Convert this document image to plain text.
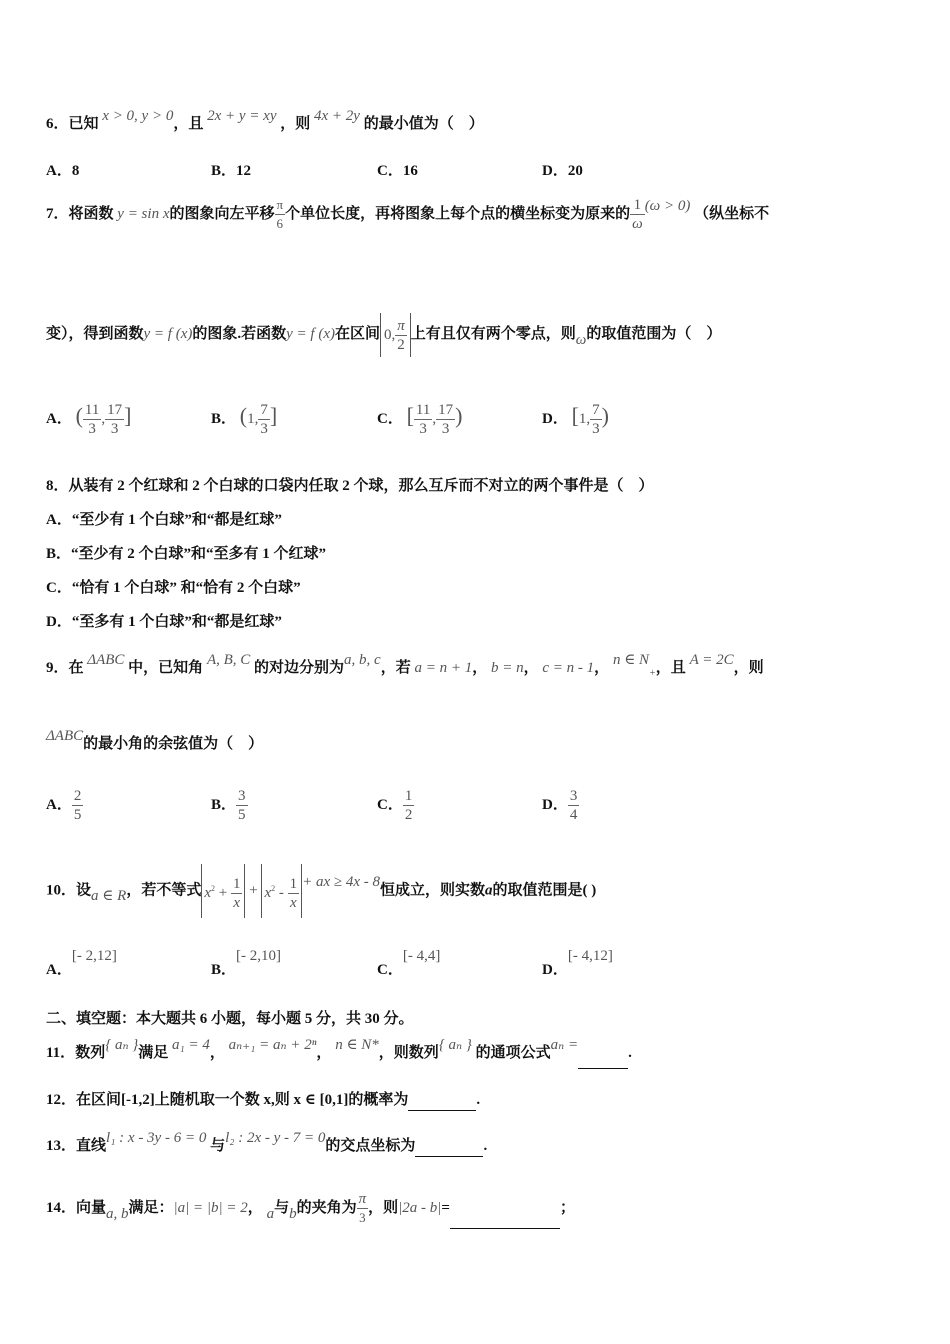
6．已知 x > 0, y > 0，且 2x + y = xy ，则 4x + 2y 的最小值为（　）
A．8	B．12	C．16	D．20
7．将函数 y = sin x的图象向左平移 $\frac{\pi}{6}$ 个单位长度，再将图象上每个点的横坐标变为原来的 $\frac{1}{\omega} (\omega > 0)$ （纵坐标不
变），得到函数y = f (x)的图象.若函数y = f (x)在区间 0, $\frac{\pi}{2}$ 上有且仅有两个零点，则ω的取值范围为（　）
A． ( $\frac{11}{3}$ , $\frac{17}{3}$ ]	B． (1, $\frac{7}{3}$ ]	C． [ $\frac{11}{3}$ , $\frac{17}{3}$ )	D． [1, $\frac{7}{3}$ )
8．从装有 2 个红球和 2 个白球的口袋内任取 2 个球，那么互斥而不对立的两个事件是（　）
A．“至少有 1 个白球”和“都是红球”
B．“至少有 2 个白球”和“至多有 1 个红球”
C．“恰有 1 个白球” 和“恰有 2 个白球”
D．“至多有 1 个白球”和“都是红球”
9．在 ΔABC 中，已知角 A, B, C 的对边分别为a, b, c，若 a = n + 1， b = n， c = n - 1， n ∈ $N_+$，且 A = 2C，则
ΔABC的最小角的余弦值为（　）
A． $\frac{2}{5}$	B． $\frac{3}{5}$	C． $\frac{1}{2}$	D． $\frac{3}{4}$
10．设a ∈ R，若不等式 $x^2 + \frac{1}{x} + x^2 - \frac{1}{x}$ + ax ≥ 4x - 8恒成立，则实数a的取值范围是( )
A．[- 2,12]
B．[- 2,10]
C．[- 4,4]
D．[- 4,12]
二、填空题：本大题共 6 小题，每小题 5 分，共 30 分。
11．数列{ aₙ }满足 a₁ = 4， aₙ₊₁ = aₙ + 2ⁿ， n ∈ N*，则数列{ aₙ } 的通项公式aₙ =	.
12．在区间[-1,2]上随机取一个数 x,则 x ∈ [0,1]的概率为	.
13．直线l₁ : x - 3y - 6 = 0 与l₂ : 2x - y - 7 = 0的交点坐标为	.
14．向量a, b满足：|a| = |b| = 2， a与b的夹角为 $\frac{\pi}{3}$ ，则|2a - b|=	；
